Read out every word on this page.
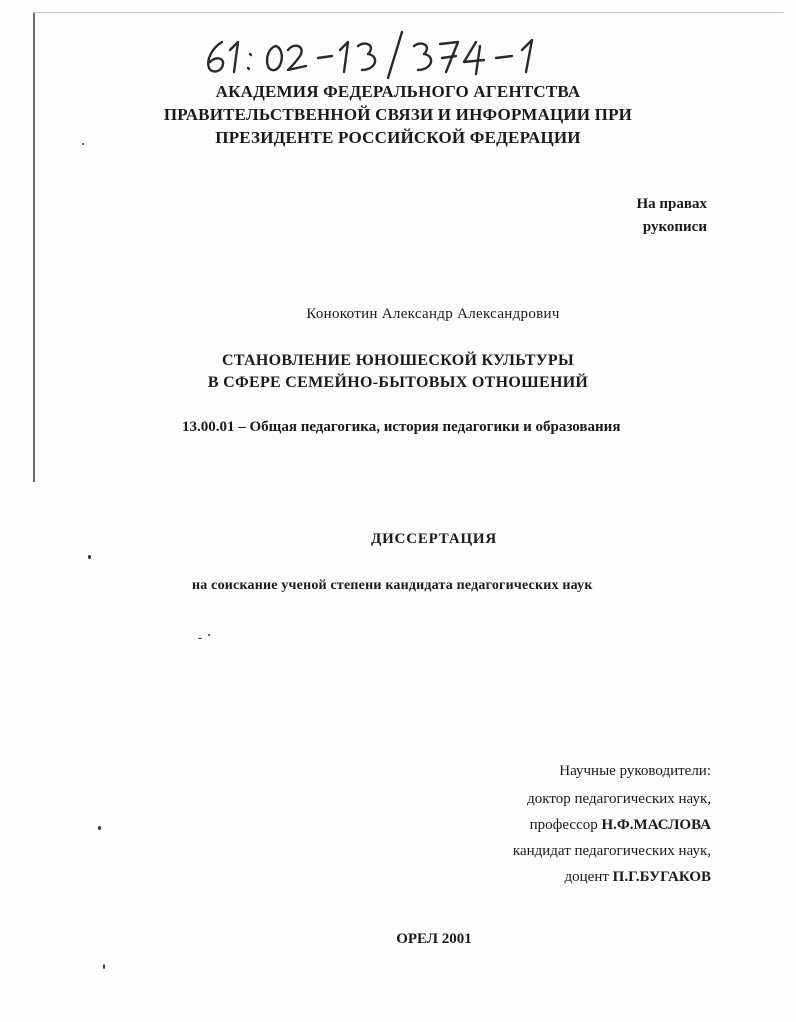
АКАДЕМИЯ ФЕДЕРАЛЬНОГО АГЕНТСТВА
ПРАВИТЕЛЬСТВЕННОЙ СВЯЗИ И ИНФОРМАЦИИ ПРИ
ПРЕЗИДЕНТЕ РОССИЙСКОЙ ФЕДЕРАЦИИ
На правах
рукописи
Конокотин Александр Александрович
СТАНОВЛЕНИЕ ЮНОШЕСКОЙ КУЛЬТУРЫ
В СФЕРЕ СЕМЕЙНО-БЫТОВЫХ ОТНОШЕНИЙ
13.00.01 – Общая педагогика, история педагогики и образования
ДИССЕРТАЦИЯ
на соискание ученой степени кандидата педагогических наук
Научные руководители:
доктор педагогических наук,
профессор Н.Ф.МАСЛОВА
кандидат педагогических наук,
доцент П.Г.БУГАКОВ
ОРЕЛ 2001
